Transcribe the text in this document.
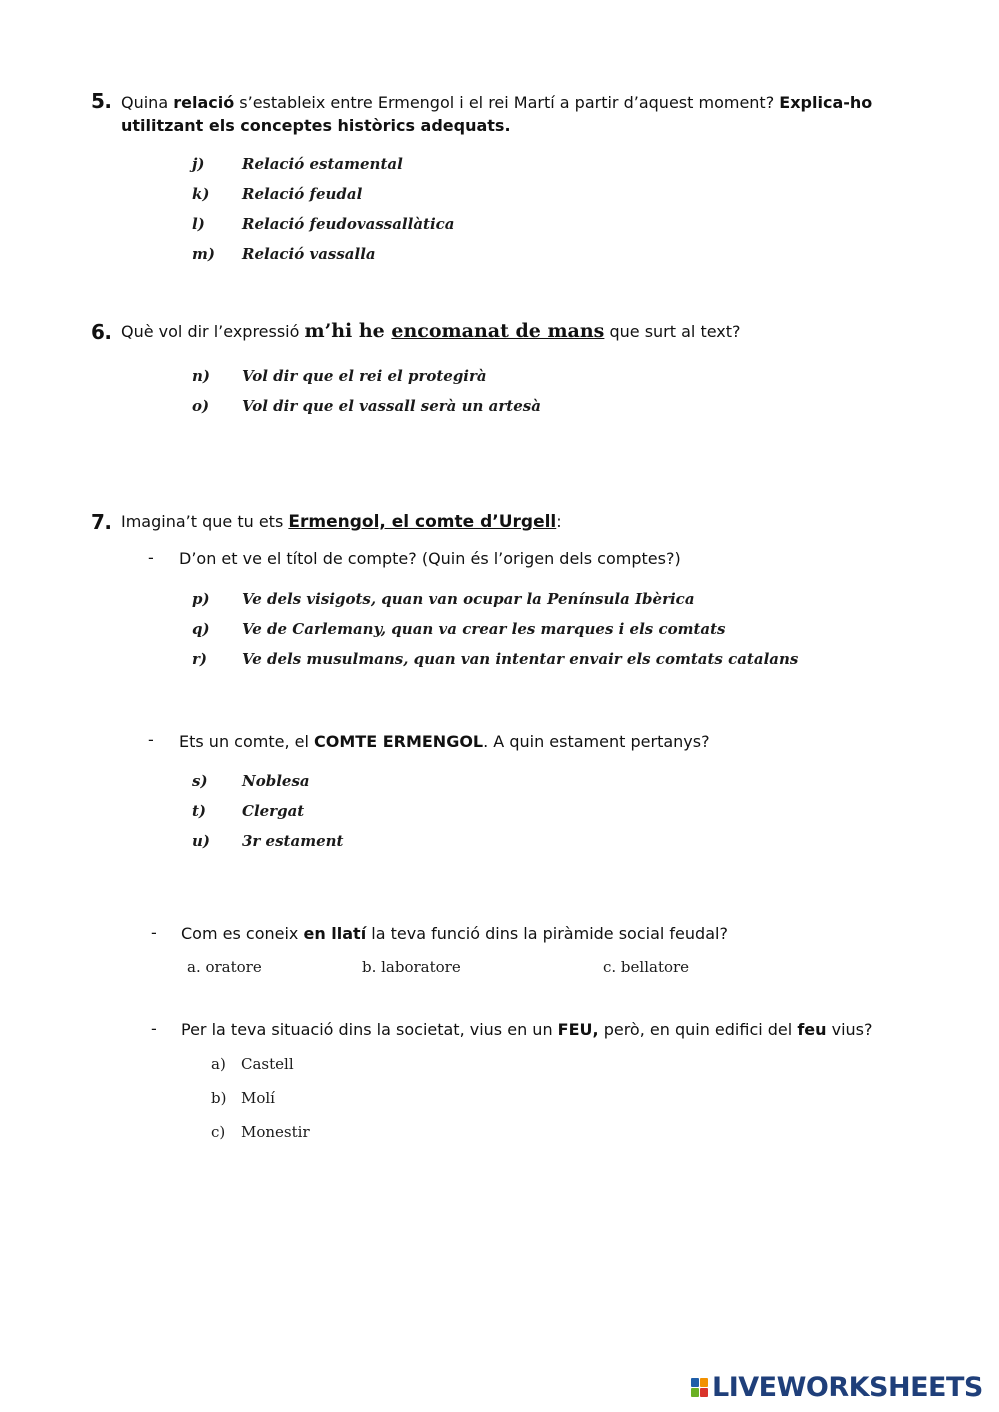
5. Quina relació s’estableix entre Ermengol i el rei Martí a partir d’aquest moment? Explica-ho
utilitzant els conceptes històrics adequats.
j) Relació estamental
k) Relació feudal
l) Relació feudovassallàtica
m) Relació vassalla
6. Què vol dir l’expressió m’hi he encomanat de mans que surt al text?
n) Vol dir que el rei el protegirà
o) Vol dir que el vassall serà un artesà
7. Imagina’t que tu ets Ermengol, el comte d’Urgell:
- D’on et ve el títol de compte? (Quin és l’origen dels comptes?)
p) Ve dels visigots, quan van ocupar la Península Ibèrica
q) Ve de Carlemany, quan va crear les marques i els comtats
r) Ve dels musulmans, quan van intentar envair els comtats catalans
- Ets un comte, el COMTE ERMENGOL. A quin estament pertanys?
s) Noblesa
t) Clergat
u) 3r estament
- Com es coneix en llatí la teva funció dins la piràmide social feudal?
a. oratore	b. laboratore	c. bellatore
- Per la teva situació dins la societat, vius en un FEU, però, en quin edifici del feu vius?
a) Castell
b) Molí
c) Monestir
LIVEWORKSHEETS
